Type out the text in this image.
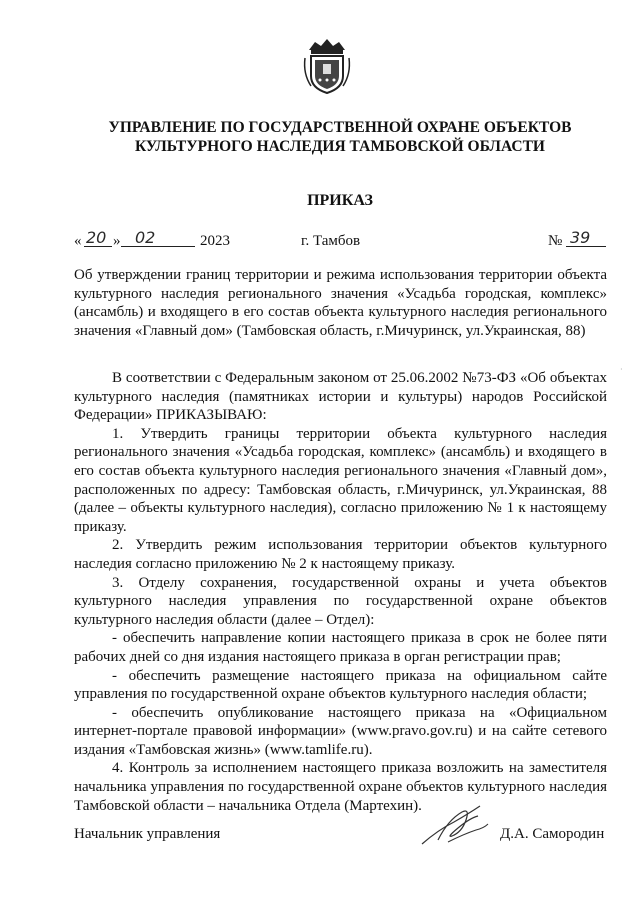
УПРАВЛЕНИЕ ПО ГОСУДАРСТВЕННОЙ ОХРАНЕ ОБЪЕКТОВ
КУЛЬТУРНОГО НАСЛЕДИЯ ТАМБОВСКОЙ ОБЛАСТИ
ПРИКАЗ
« 20 » 02	2023	г. Тамбов	№ 39

Об утверждении границ территории и режима использования территории объекта культурного наследия регионального значения «Усадьба городская, комплекс» (ансамбль) и входящего в его состав объекта культурного наследия регионального значения «Главный дом» (Тамбовская область, г.Мичуринск, ул.Украинская, 88)

В соответствии с Федеральным законом от 25.06.2002 №73-ФЗ «Об объектах культурного наследия (памятниках истории и культуры) народов Российской Федерации» ПРИКАЗЫВАЮ:

1. Утвердить границы территории объекта культурного наследия регионального значения «Усадьба городская, комплекс» (ансамбль) и входящего в его состав объекта культурного наследия регионального значения «Главный дом», расположенных по адресу: Тамбовская область, г.Мичуринск, ул.Украинская, 88 (далее – объекты культурного наследия), согласно приложению № 1 к настоящему приказу.

2. Утвердить режим использования территории объектов культурного наследия согласно приложению № 2 к настоящему приказу.

3. Отделу сохранения, государственной охраны и учета объектов культурного наследия управления по государственной охране объектов культурного наследия области (далее – Отдел):

- обеспечить направление копии настоящего приказа в срок не более пяти рабочих дней со дня издания настоящего приказа в орган регистрации прав;

- обеспечить размещение настоящего приказа на официальном сайте управления по государственной охране объектов культурного наследия области;

- обеспечить опубликование настоящего приказа на «Официальном интернет-портале правовой информации» (www.pravo.gov.ru) и на сайте сетевого издания «Тамбовская жизнь» (www.tamlife.ru).

4. Контроль за исполнением настоящего приказа возложить на заместителя начальника управления по государственной охране объектов культурного наследия Тамбовской области – начальника Отдела (Мартехин).

Начальник управления	Д.А. Самородин
·
